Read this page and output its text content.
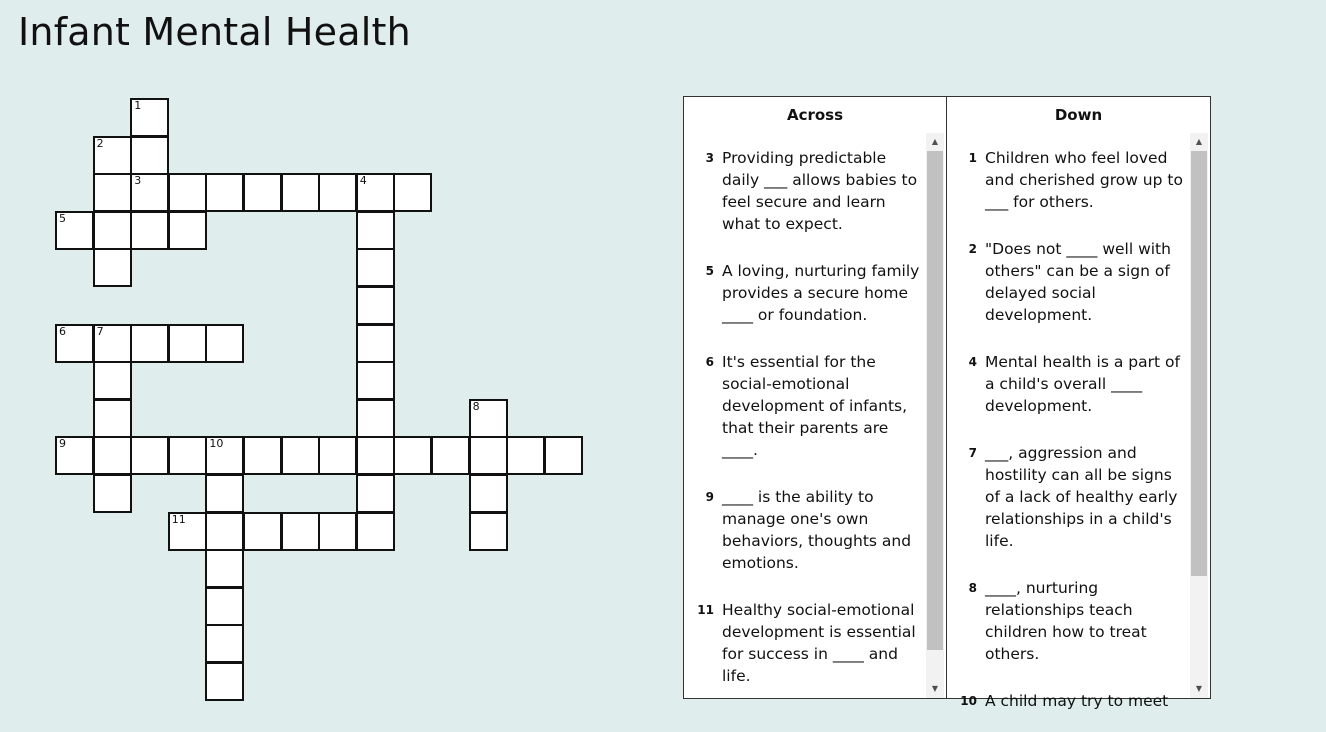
Infant Mental Health
1
3
2
4
5
6	7
8
9	10
11
Across
3 Providing predictable daily ___ allows babies to feel secure and learn what to expect.
5 A loving, nurturing family provides a secure home ____ or foundation.
6 It's essential for the social-emotional development of infants, that their parents are ____.
9 ____ is the ability to manage one's own behaviors, thoughts and emotions.
11 Healthy social-emotional development is essential for success in ____ and life.
▲
▼
Down
1 Children who feel loved and cherished grow up to ___ for others.
2 "Does not ____ well with others" can be a sign of delayed social development.
4 Mental health is a part of a child's overall ____ development.
7 ___, aggression and hostility can all be signs of a lack of healthy early relationships in a child's life.
8 ____, nurturing relationships teach children how to treat others.
10 A child may try to meet
▲
▼
